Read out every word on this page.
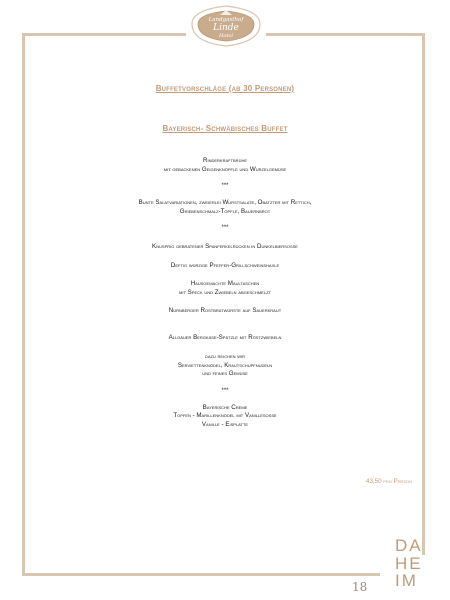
Landgasthof
Linde
Hotel
Buffetvorschläge (ab 30 Personen)
Bayerisch- Schwäbisches Buffet
Rinderkraftbrühe
mit gebackenen Geigenknöpfle und Wurzelgemüse
***
Bunte Salatvariationen, zweierlei Wurstsalate, Obatzter mit Rettich,
Griebenschmalz-Töpfle, Bauernbrot
***
Knusprig gebratener Spanferkelrücken in Dunkelbiersoße
Deftig würzige Pfeffer-Grillschweinshaxle
Hausgemachte Maultaschen
mit Speck und Zwiebeln abgeschmelzt
Nürnberger Rostbratwürste auf Sauerkraut
Allgäuer Bergkäse-Spätzle mit Röstzwiebeln
dazu reichen wir
Serviettenknödel, Krautschupfnudeln
und feines Gemüse
***
Bayerische Creme
Topfen - Marillenknödel mit Vanillesoße
Vanille - Eisplatte
43,50 pro Person
DA
HE
IM
18
